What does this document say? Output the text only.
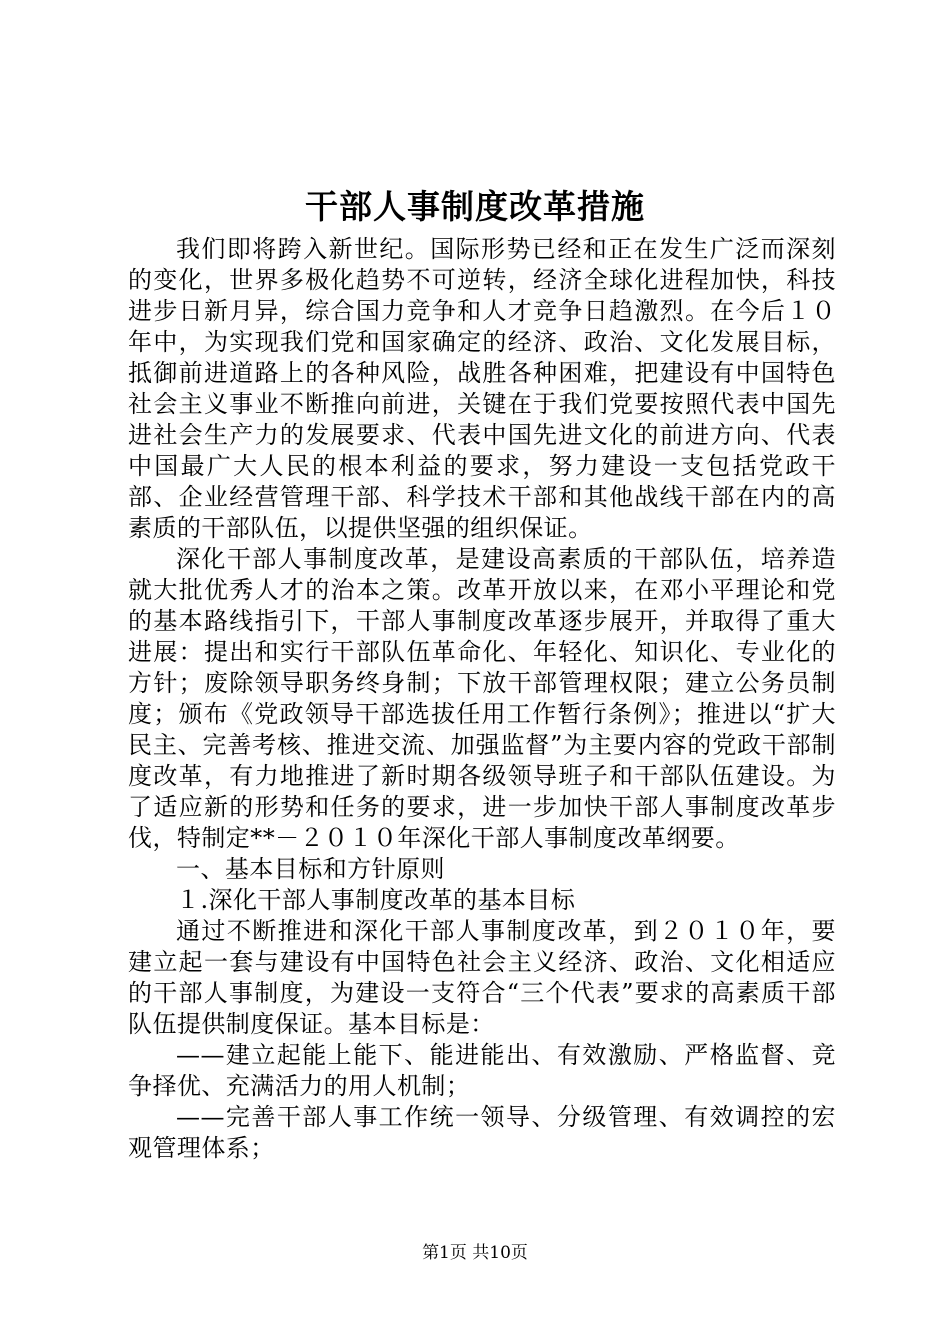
干部人事制度改革措施

我们即将跨入新世纪。国际形势已经和正在发生广泛而深刻的变化，世界多极化趋势不可逆转，经济全球化进程加快，科技进步日新月异，综合国力竞争和人才竞争日趋激烈。在今后１０年中，为实现我们党和国家确定的经济、政治、文化发展目标，抵御前进道路上的各种风险，战胜各种困难，把建设有中国特色社会主义事业不断推向前进，关键在于我们党要按照代表中国先进社会生产力的发展要求、代表中国先进文化的前进方向、代表中国最广大人民的根本利益的要求，努力建设一支包括党政干部、企业经营管理干部、科学技术干部和其他战线干部在内的高素质的干部队伍，以提供坚强的组织保证。

深化干部人事制度改革，是建设高素质的干部队伍，培养造就大批优秀人才的治本之策。改革开放以来，在邓小平理论和党的基本路线指引下，干部人事制度改革逐步展开，并取得了重大进展：提出和实行干部队伍革命化、年轻化、知识化、专业化的方针；废除领导职务终身制；下放干部管理权限；建立公务员制度；颁布《党政领导干部选拔任用工作暂行条例》；推进以“扩大民主、完善考核、推进交流、加强监督”为主要内容的党政干部制度改革，有力地推进了新时期各级领导班子和干部队伍建设。为了适应新的形势和任务的要求，进一步加快干部人事制度改革步伐，特制定**－２０１０年深化干部人事制度改革纲要。

一、基本目标和方针原则

１.深化干部人事制度改革的基本目标

通过不断推进和深化干部人事制度改革，到２０１０年，要建立起一套与建设有中国特色社会主义经济、政治、文化相适应的干部人事制度，为建设一支符合“三个代表”要求的高素质干部队伍提供制度保证。基本目标是：

——建立起能上能下、能进能出、有效激励、严格监督、竞争择优、充满活力的用人机制；

——完善干部人事工作统一领导、分级管理、有效调控的宏观管理体系；

第1页 共10页
